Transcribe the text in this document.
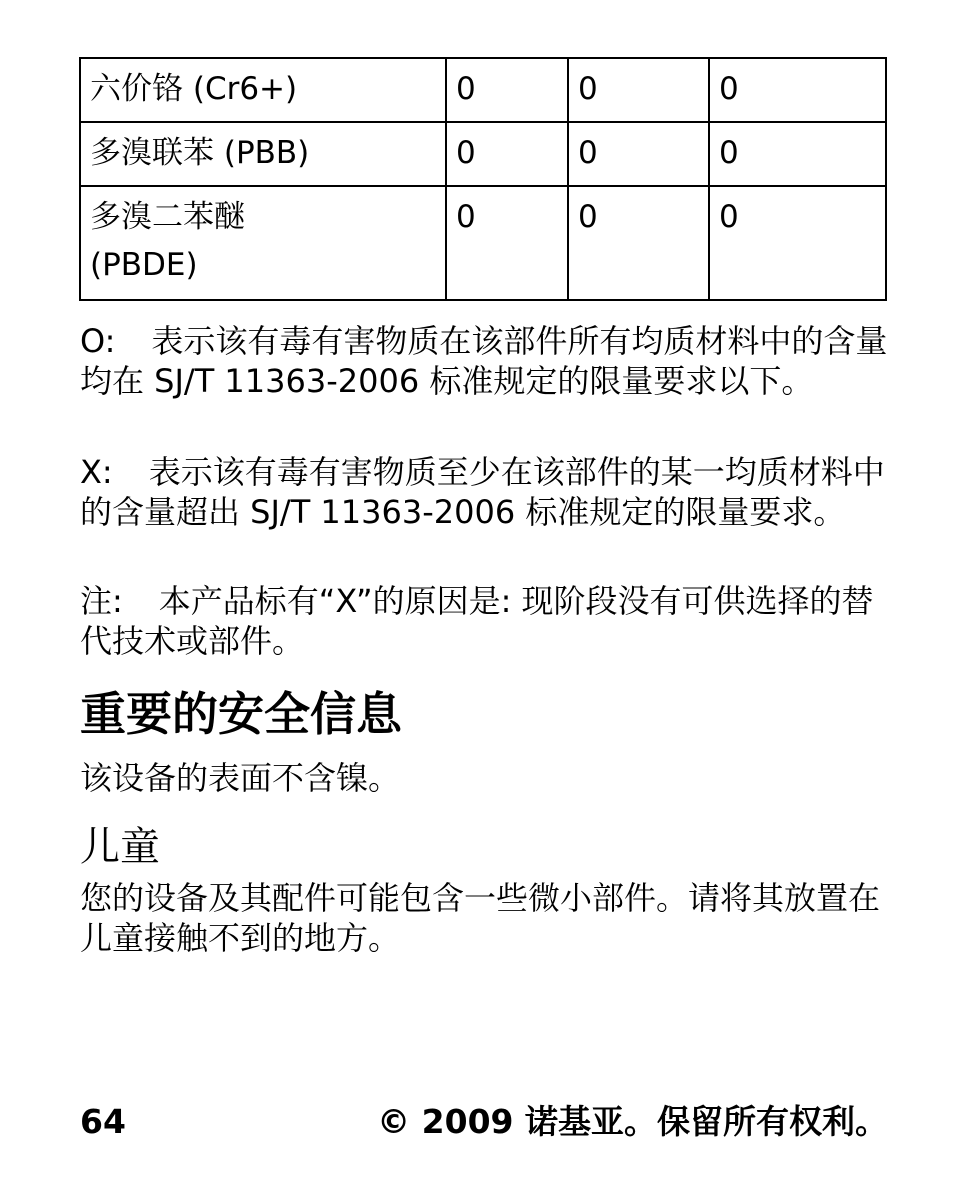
六价铬 (Cr6+)	0	0	0
多溴联苯 (PBB)	0	0	0
多溴二苯醚
(PBDE)	0	0	0

O: 表示该有毒有害物质在该部件所有均质材料中的含量均在 SJ/T 11363-2006 标准规定的限量要求以下。

X: 表示该有毒有害物质至少在该部件的某一均质材料中的含量超出 SJ/T 11363-2006 标准规定的限量要求。

注: 本产品标有“X”的原因是: 现阶段没有可供选择的替代技术或部件。

重要的安全信息

该设备的表面不含镍。

儿童

您的设备及其配件可能包含一些微小部件。请将其放置在儿童接触不到的地方。

64	© 2009 诺基亚。保留所有权利。
